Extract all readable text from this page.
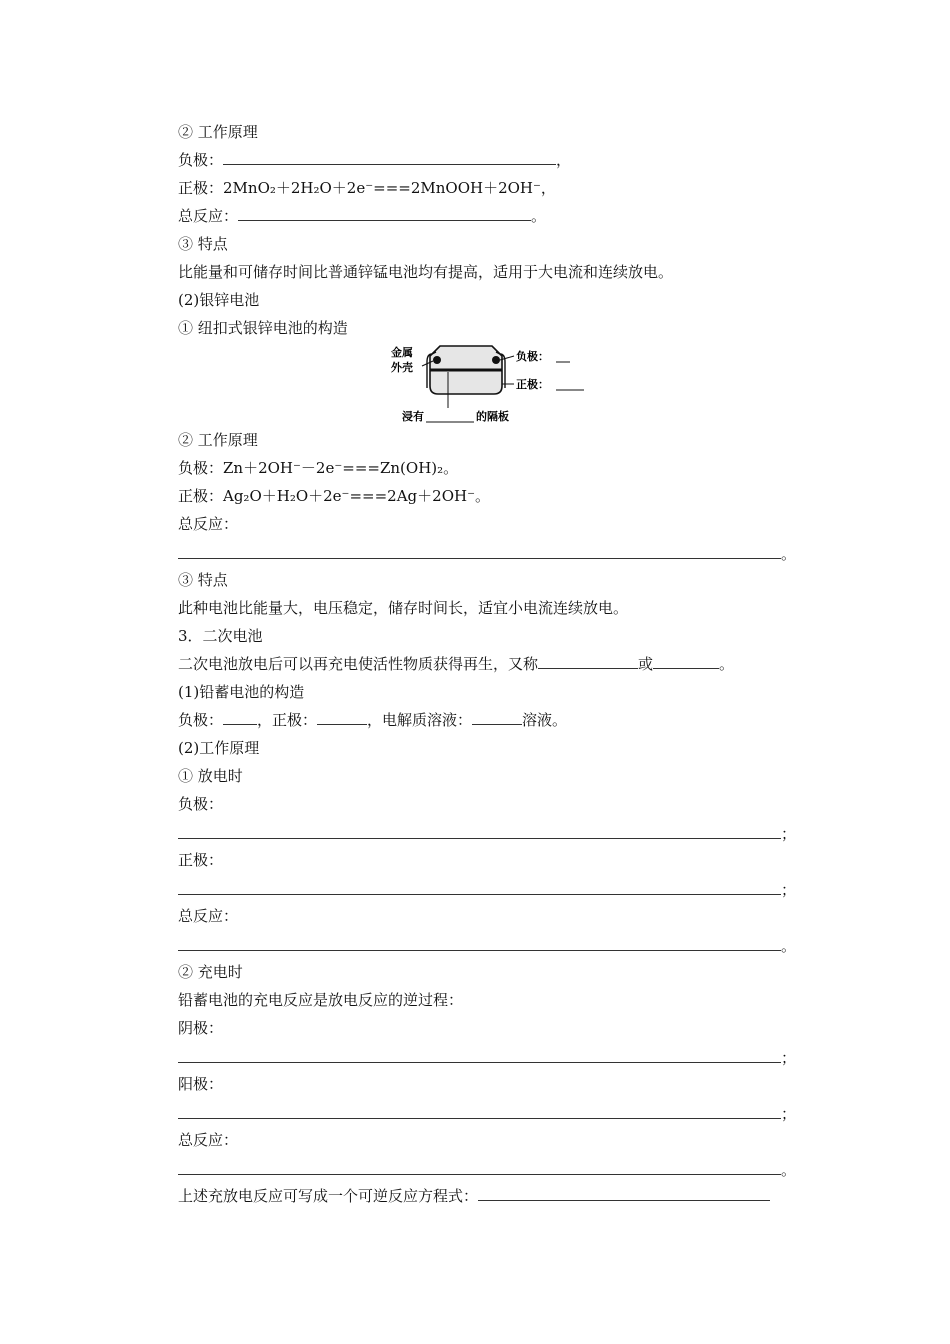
② 工作原理
负极：	，
正极：2MnO₂＋2H₂O＋2e⁻===2MnOOH＋2OH⁻，
总反应：	。
③ 特点
比能量和可储存时间比普通锌锰电池均有提高，适用于大电流和连续放电。
(2)银锌电池
① 纽扣式银锌电池的构造
金属
外壳
负极：
正极：
浸有	的隔板
② 工作原理
负极：Zn＋2OH⁻－2e⁻===Zn(OH)₂。
正极：Ag₂O＋H₂O＋2e⁻===2Ag＋2OH⁻。
总反应：
。
③ 特点
此种电池比能量大，电压稳定，储存时间长，适宜小电流连续放电。
3．二次电池
二次电池放电后可以再充电使活性物质获得再生，又称	或	。
(1)铅蓄电池的构造
负极： ，正极：	，电解质溶液：	溶液。
(2)工作原理
① 放电时
负极：
；
正极：
；
总反应：
。
② 充电时
铅蓄电池的充电反应是放电反应的逆过程：
阴极：
；
阳极：
；
总反应：
。
上述充放电反应可写成一个可逆反应方程式：
